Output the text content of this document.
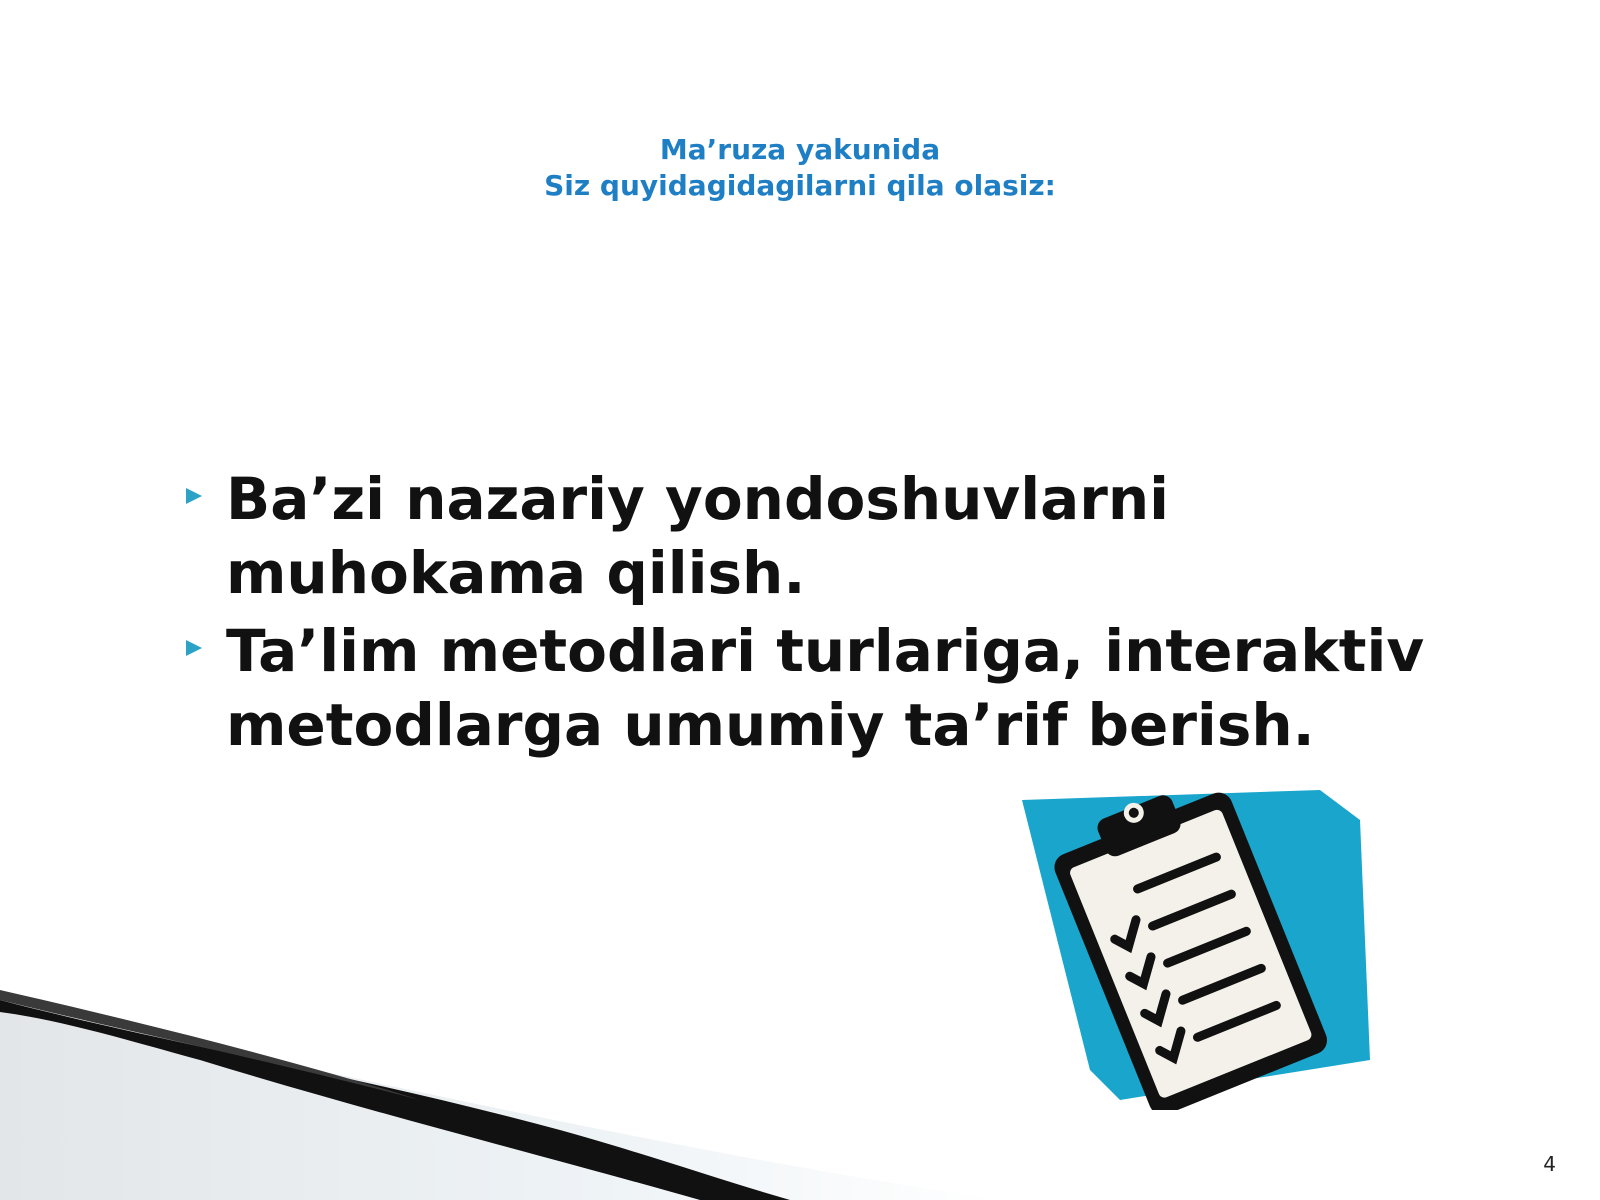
Ma’ruza yakunida
Siz quyidagidagilarni qila olasiz:
Ba’zi nazariy yondoshuvlarni muhokama qilish.
Ta’lim metodlari turlariga, interaktiv metodlarga umumiy ta’rif berish.
4
